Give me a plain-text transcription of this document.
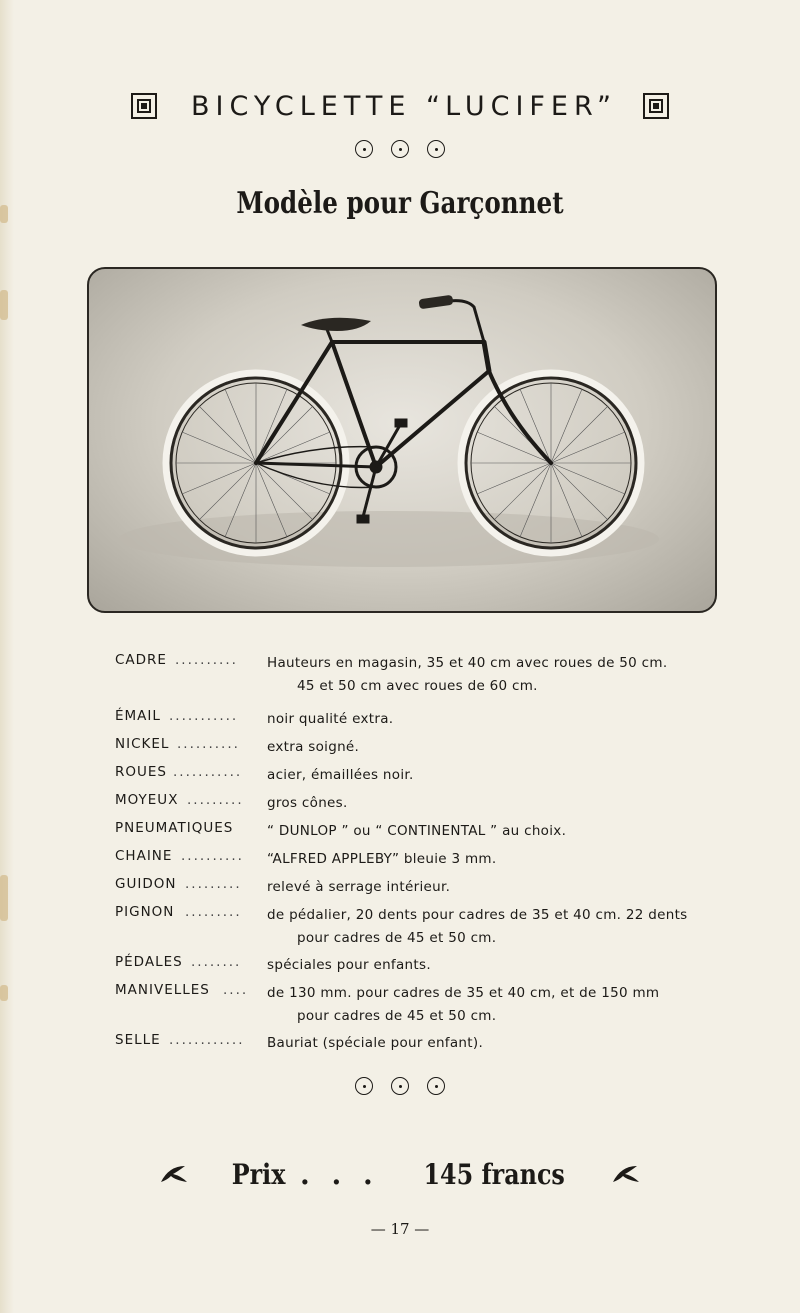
BICYCLETTE “LUCIFER”
Modèle pour Garçonnet
CADRE .......... Hauteurs en magasin, 35 et 40 cm avec roues de 50 cm.
45 et 50 cm avec roues de 60 cm.
ÉMAIL ........... noir qualité extra.
NICKEL .......... extra soigné.
ROUES ........... acier, émaillées noir.
MOYEUX ......... gros cônes.
PNEUMATIQUES “ DUNLOP ” ou “ CONTINENTAL ” au choix.
CHAINE .......... “ALFRED APPLEBY” bleuie 3 mm.
GUIDON ......... relevé à serrage intérieur.
PIGNON ......... de pédalier, 20 dents pour cadres de 35 et 40 cm. 22 dents
pour cadres de 45 et 50 cm.
PÉDALES ........ spéciales pour enfants.
MANIVELLES .... de 130 mm. pour cadres de 35 et 40 cm, et de 150 mm
pour cadres de 45 et 50 cm.
SELLE ............ Bauriat (spéciale pour enfant).
Prix . . . 145 francs
— 17 —
